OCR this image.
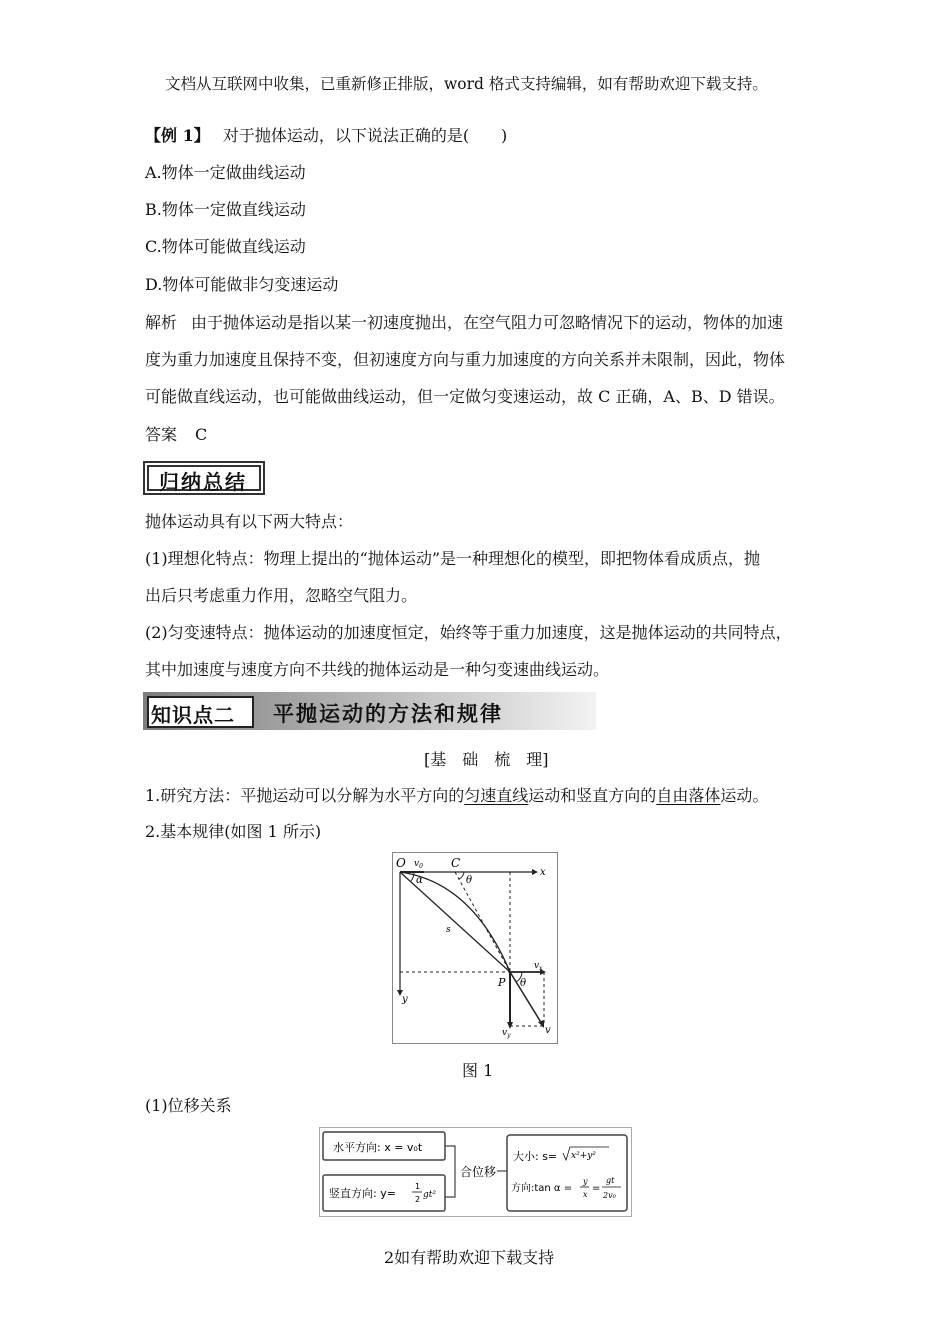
文档从互联网中收集，已重新修正排版，word 格式支持编辑，如有帮助欢迎下载支持。
【例 1】 对于抛体运动，以下说法正确的是(　　)
A.物体一定做曲线运动
B.物体一定做直线运动
C.物体可能做直线运动
D.物体可能做非匀变速运动
解析 由于抛体运动是指以某一初速度抛出，在空气阻力可忽略情况下的运动，物体的加速
度为重力加速度且保持不变，但初速度方向与重力加速度的方向关系并未限制，因此，物体
可能做直线运动，也可能做曲线运动，但一定做匀变速运动，故 C 正确，A、B、D 错误。
答案 C
归纳总结
抛体运动具有以下两大特点：
(1)理想化特点：物理上提出的“抛体运动”是一种理想化的模型，即把物体看成质点，抛
出后只考虑重力作用，忽略空气阻力。
(2)匀变速特点：抛体运动的加速度恒定，始终等于重力加速度，这是抛体运动的共同特点，
其中加速度与速度方向不共线的抛体运动是一种匀变速曲线运动。
知识点二 平抛运动的方法和规律
[基　础　梳　理]
1.研究方法：平抛运动可以分解为水平方向的匀速直线运动和竖直方向的自由落体运动。
2.基本规律(如图 1 所示)
O $v_0$ C
x
α	θ
s
$v_x$
P θ
y
$v_y$	v
图 1
(1)位移关系
水平方向: x = v₀t
竖直方向: y=
1
2 gt²
合位移
大小: s= x²+y²
方向:tan α =
y
x
=
gt
2v₀
2如有帮助欢迎下载支持
